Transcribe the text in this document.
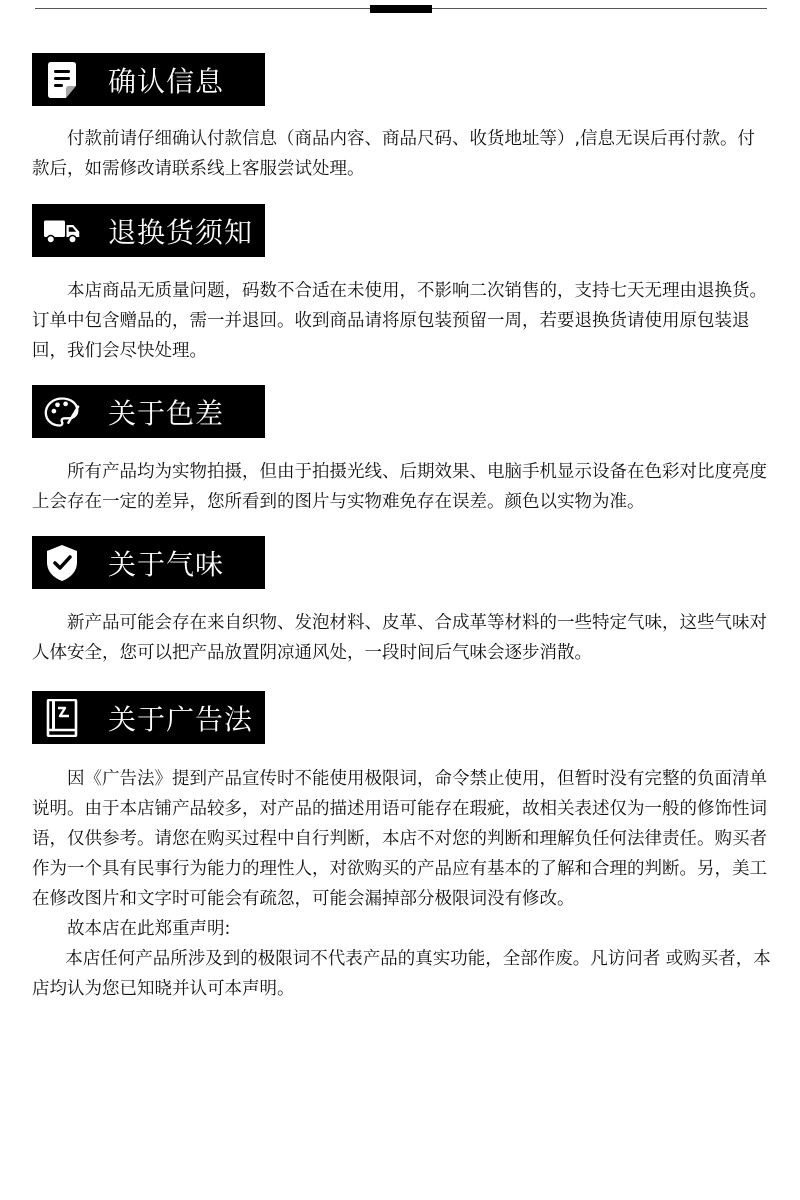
确认信息

付款前请仔细确认付款信息（商品内容、商品尺码、收货地址等）,信息无误后再付款。付款后，如需修改请联系线上客服尝试处理。

退换货须知

本店商品无质量问题，码数不合适在未使用，不影响二次销售的，支持七天无理由退换货。订单中包含赠品的，需一并退回。收到商品请将原包装预留一周，若要退换货请使用原包装退回，我们会尽快处理。

关于色差

所有产品均为实物拍摄，但由于拍摄光线、后期效果、电脑手机显示设备在色彩对比度亮度上会存在一定的差异，您所看到的图片与实物难免存在误差。颜色以实物为准。

关于气味

新产品可能会存在来自织物、发泡材料、皮革、合成革等材料的一些特定气味，这些气味对人体安全，您可以把产品放置阴凉通风处，一段时间后气味会逐步消散。

关于广告法

因《广告法》提到产品宣传时不能使用极限词，命令禁止使用，但暂时没有完整的负面清单说明。由于本店铺产品较多，对产品的描述用语可能存在瑕疵，故相关表述仅为一般的修饰性词语，仅供参考。请您在购买过程中自行判断，本店不对您的判断和理解负任何法律责任。购买者作为一个具有民事行为能力的理性人，对欲购买的产品应有基本的了解和合理的判断。另，美工在修改图片和文字时可能会有疏忽，可能会漏掉部分极限词没有修改。

故本店在此郑重声明:

本店任何产品所涉及到的极限词不代表产品的真实功能，全部作废。凡访问者 或购买者，本店均认为您已知晓并认可本声明。
